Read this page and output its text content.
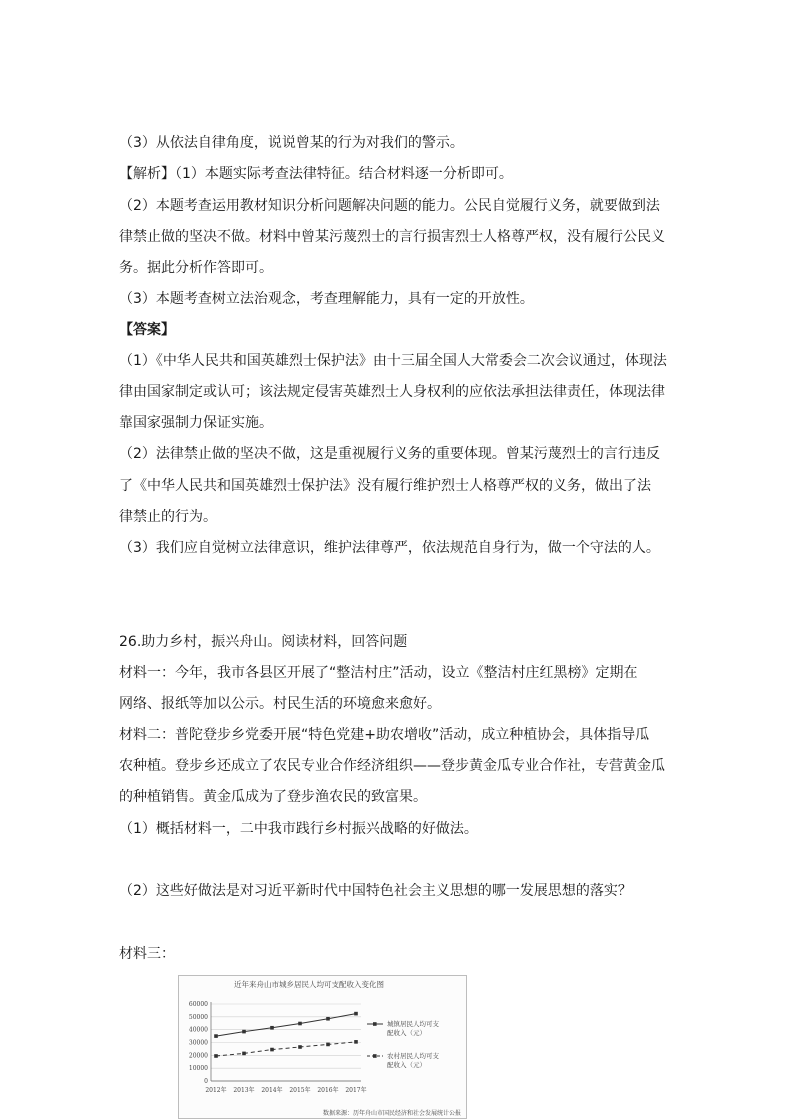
（3）从依法自律角度，说说曾某的行为对我们的警示。

【解析】（1）本题实际考查法律特征。结合材料逐一分析即可。

（2）本题考查运用教材知识分析问题解决问题的能力。公民自觉履行义务，就要做到法

律禁止做的坚决不做。材料中曾某污蔑烈士的言行损害烈士人格尊严权，没有履行公民义

务。据此分析作答即可。

（3）本题考查树立法治观念，考查理解能力，具有一定的开放性。

【答案】

（1）《中华人民共和国英雄烈士保护法》由十三届全国人大常委会二次会议通过，体现法

律由国家制定或认可；该法规定侵害英雄烈士人身权利的应依法承担法律责任，体现法律

靠国家强制力保证实施。

（2）法律禁止做的坚决不做，这是重视履行义务的重要体现。曾某污蔑烈士的言行违反

了《中华人民共和国英雄烈士保护法》没有履行维护烈士人格尊严权的义务，做出了法

律禁止的行为。

（3）我们应自觉树立法律意识，维护法律尊严，依法规范自身行为，做一个守法的人。

26.助力乡村，振兴舟山。阅读材料，回答问题

材料一：今年，我市各县区开展了“整洁村庄”活动，设立《整洁村庄红黑榜》定期在

网络、报纸等加以公示。村民生活的环境愈来愈好。

材料二：普陀登步乡党委开展“特色党建+助农增收”活动，成立种植协会，具体指导瓜

农种植。登步乡还成立了农民专业合作经济组织——登步黄金瓜专业合作社，专营黄金瓜

的种植销售。黄金瓜成为了登步渔农民的致富果。

（1）概括材料一，二中我市践行乡村振兴战略的好做法。

（2）这些好做法是对习近平新时代中国特色社会主义思想的哪一发展思想的落实？

材料三：

近年来舟山市城乡居民人均可支配收入变化图
0
10000
20000
30000
40000
50000
60000
2012年 2013年 2014年 2015年 2016年 2017年
城镇居民人均可支
配收入（元）
农村居民人均可支
配收入（元）
数据来源：历年舟山市国民经济和社会发展统计公报
